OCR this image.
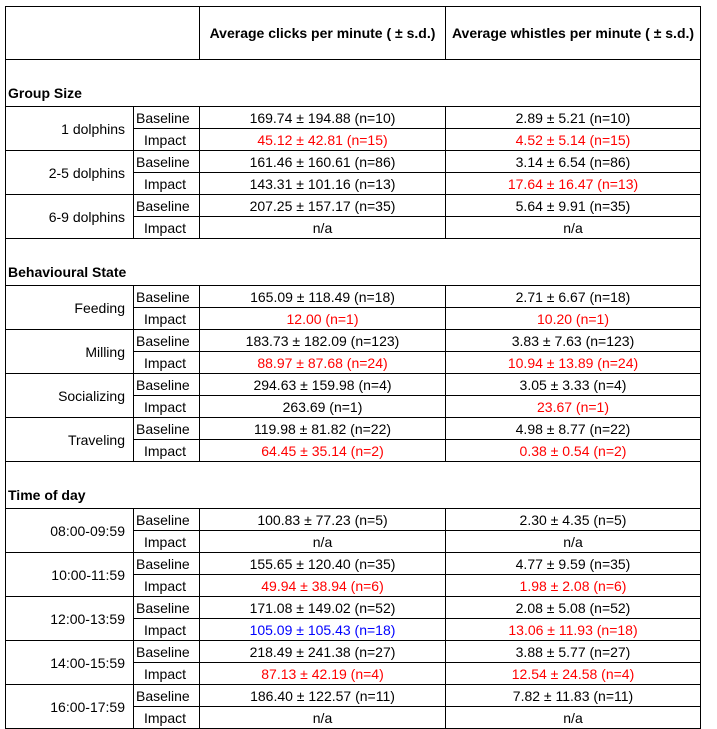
		Average clicks per minute ( ± s.d.)	Average whistles per minute ( ± s.d.)

Group Size			
1 dolphins	Baseline	169.74 ± 194.88 (n=10)	2.89 ± 5.21 (n=10)
	Impact	45.12 ± 42.81 (n=15)	4.52 ± 5.14 (n=15)
2-5 dolphins	Baseline	161.46 ± 160.61 (n=86)	3.14 ± 6.54 (n=86)
	Impact	143.31 ± 101.16 (n=13)	17.64 ± 16.47 (n=13)
6-9 dolphins	Baseline	207.25 ± 157.17 (n=35)	5.64 ± 9.91 (n=35)
	Impact	n/a	n/a

Behavioural State			
Feeding	Baseline	165.09 ± 118.49 (n=18)	2.71 ± 6.67 (n=18)
	Impact	12.00 (n=1)	10.20 (n=1)
Milling	Baseline	183.73 ± 182.09 (n=123)	3.83 ± 7.63 (n=123)
	Impact	88.97 ± 87.68 (n=24)	10.94 ± 13.89 (n=24)
Socializing	Baseline	294.63 ± 159.98 (n=4)	3.05 ± 3.33 (n=4)
	Impact	263.69 (n=1)	23.67 (n=1)
Traveling	Baseline	119.98 ± 81.82 (n=22)	4.98 ± 8.77 (n=22)
	Impact	64.45 ± 35.14 (n=2)	0.38 ± 0.54 (n=2)

Time of day			
08:00-09:59	Baseline	100.83 ± 77.23 (n=5)	2.30 ± 4.35 (n=5)
	Impact	n/a	n/a
10:00-11:59	Baseline	155.65 ± 120.40 (n=35)	4.77 ± 9.59 (n=35)
	Impact	49.94 ± 38.94 (n=6)	1.98 ± 2.08 (n=6)
12:00-13:59	Baseline	171.08 ± 149.02 (n=52)	2.08 ± 5.08 (n=52)
	Impact	105.09 ± 105.43 (n=18)	13.06 ± 11.93 (n=18)
14:00-15:59	Baseline	218.49 ± 241.38 (n=27)	3.88 ± 5.77 (n=27)
	Impact	87.13 ± 42.19 (n=4)	12.54 ± 24.58 (n=4)
16:00-17:59	Baseline	186.40 ± 122.57 (n=11)	7.82 ± 11.83 (n=11)
	Impact	n/a	n/a
